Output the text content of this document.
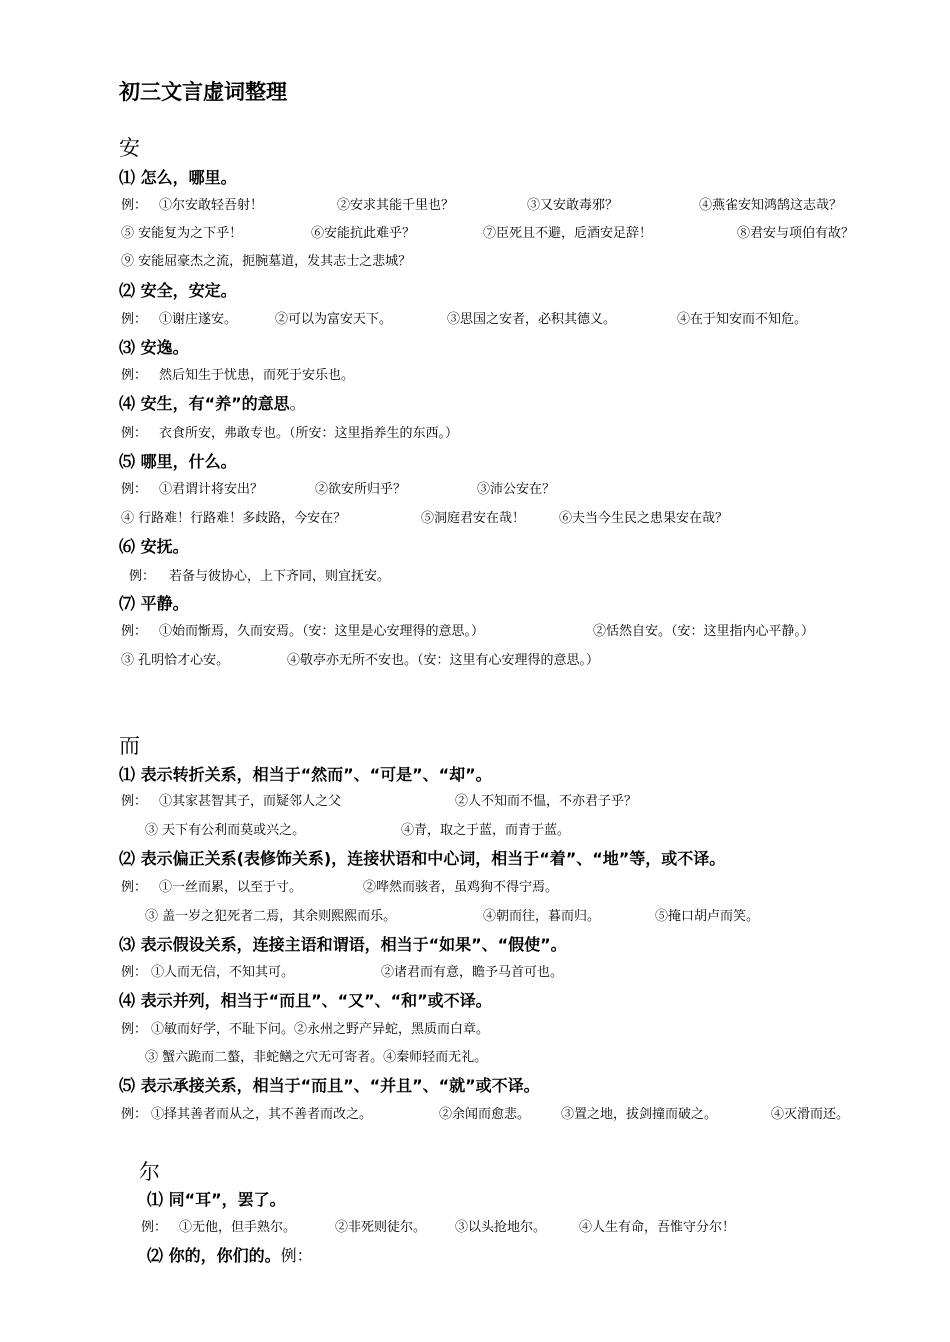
初三文言虚词整理
安
⑴ 怎么，哪里。
例： ①尔安敢轻吾射！	②安求其能千里也？	③又安敢毒邪？	④燕雀安知鸿鹄这志哉？
⑤ 安能复为之下乎！	⑥安能抗此难乎？	⑦臣死且不避，卮酒安足辞！	⑧君安与项伯有故？
⑨ 安能屈豪杰之流，扼腕墓道，发其志士之悲城？
⑵ 安全，安定。
例： ①谢庄遂安。	②可以为富安天下。	③思国之安者，必积其德义。	④在于知安而不知危。
⑶ 安逸。
例： 然后知生于忧患，而死于安乐也。
⑷ 安生，有“养”的意思。
例： 衣食所安，弗敢专也。（所安：这里指养生的东西。）
⑸ 哪里，什么。
例： ①君谓计将安出？	②欲安所归乎？	③沛公安在？
④ 行路难！行路难！多歧路，今安在？	⑤洞庭君安在哉！	⑥夫当今生民之患果安在哉？
⑹ 安抚。
例： 若备与彼协心，上下齐同，则宜抚安。
⑺ 平静。
例： ①始而惭焉，久而安焉。（安：这里是心安理得的意思。）	②恬然自安。（安：这里指内心平静。）
③ 孔明恰才心安。	④敬亭亦无所不安也。（安：这里有心安理得的意思。）
而
⑴ 表示转折关系，相当于“然而”、“可是”、“却”。
例： ①其家甚智其子，而疑邻人之父	②人不知而不愠，不亦君子乎？
③ 天下有公利而莫或兴之。	④青，取之于蓝，而青于蓝。
⑵ 表示偏正关系(表修饰关系)，连接状语和中心词，相当于“着”、“地”等，或不译。
例： ①一丝而累，以至于寸。	②哗然而骇者，虽鸡狗不得宁焉。
③ 盖一岁之犯死者二焉，其余则熙熙而乐。	④朝而往，暮而归。	⑤掩口胡卢而笑。
⑶ 表示假设关系，连接主语和谓语，相当于“如果”、“假使”。
例： ①人而无信，不知其可。	②诸君而有意，瞻予马首可也。
⑷ 表示并列，相当于“而且”、“又”、“和”或不译。
例： ①敏而好学，不耻下问。②永州之野产异蛇，黑质而白章。
③ 蟹六跪而二螯，非蛇鳝之穴无可寄者。④秦师轻而无礼。
⑸ 表示承接关系，相当于“而且”、“并且”、“就”或不译。
例： ①择其善者而从之，其不善者而改之。	②余闻而愈悲。 ③置之地，拔剑撞而破之。	④灭滑而还。
尔
⑴ 同“耳”，罢了。
例： ①无他，但手熟尔。	②非死则徒尔。 ③以头抢地尔。	④人生有命，吾惟守分尔！
⑵ 你的，你们的。例：
